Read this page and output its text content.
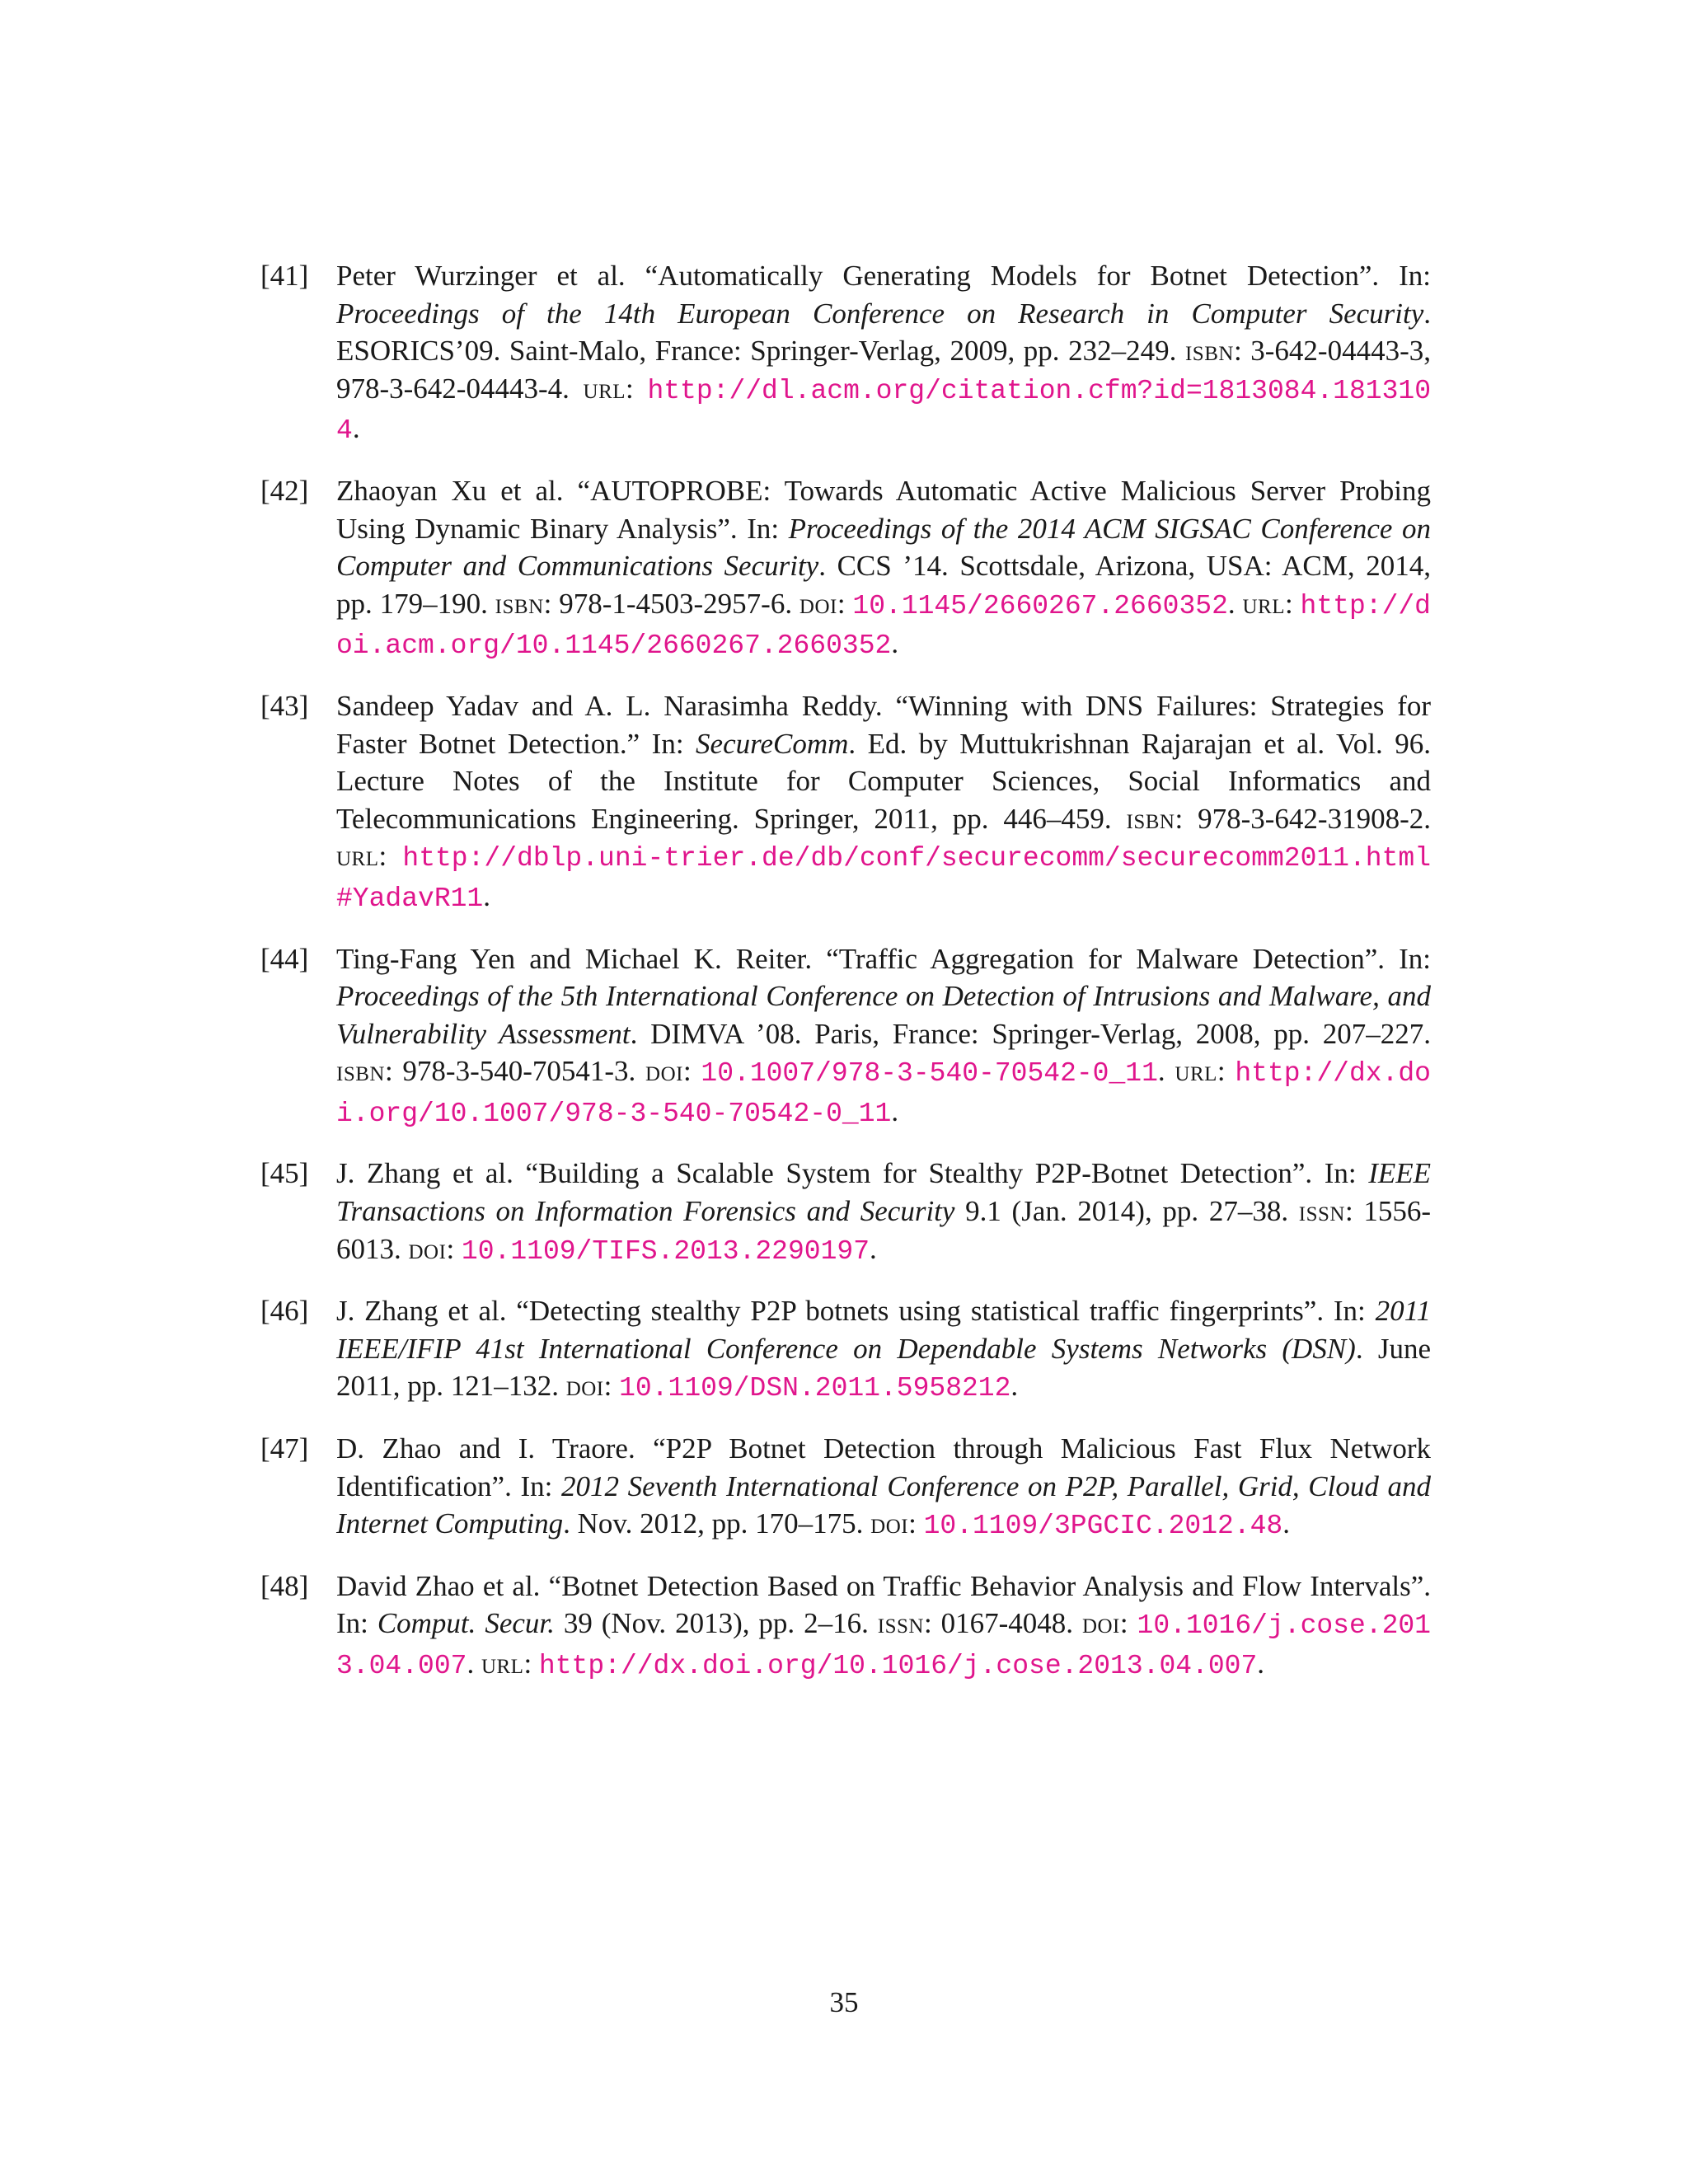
[41] Peter Wurzinger et al. “Automatically Generating Models for Botnet Detection”. In: Proceedings of the 14th European Conference on Research in Computer Security. ESORICS’09. Saint-Malo, France: Springer-Verlag, 2009, pp. 232–249. isbn: 3-642-04443-3, 978-3-642-04443-4. url: http://dl.acm.org/citation.cfm?id=1813084.1813104.
[42] Zhaoyan Xu et al. “AUTOPROBE: Towards Automatic Active Malicious Server Probing Using Dynamic Binary Analysis”. In: Proceedings of the 2014 ACM SIGSAC Conference on Computer and Communications Security. CCS ’14. Scottsdale, Arizona, USA: ACM, 2014, pp. 179–190. isbn: 978-1-4503-2957-6. doi: 10.1145/2660267.2660352. url: http://doi.acm.org/10.1145/2660267.2660352.
[43] Sandeep Yadav and A. L. Narasimha Reddy. “Winning with DNS Failures: Strategies for Faster Botnet Detection.” In: SecureComm. Ed. by Muttukrishnan Rajarajan et al. Vol. 96. Lecture Notes of the Institute for Computer Sciences, Social Informatics and Telecommunications Engineering. Springer, 2011, pp. 446–459. isbn: 978-3-642-31908-2. url: http://dblp.uni-trier.de/db/conf/securecomm/securecomm2011.html#YadavR11.
[44] Ting-Fang Yen and Michael K. Reiter. “Traffic Aggregation for Malware Detection”. In: Proceedings of the 5th International Conference on Detection of Intrusions and Malware, and Vulnerability Assessment. DIMVA ’08. Paris, France: Springer-Verlag, 2008, pp. 207–227. isbn: 978-3-540-70541-3. doi: 10.1007/978-3-540-70542-0_11. url: http://dx.doi.org/10.1007/978-3-540-70542-0_11.
[45] J. Zhang et al. “Building a Scalable System for Stealthy P2P-Botnet Detection”. In: IEEE Transactions on Information Forensics and Security 9.1 (Jan. 2014), pp. 27–38. issn: 1556-6013. doi: 10.1109/TIFS.2013.2290197.
[46] J. Zhang et al. “Detecting stealthy P2P botnets using statistical traffic fingerprints”. In: 2011 IEEE/IFIP 41st International Conference on Dependable Systems Networks (DSN). June 2011, pp. 121–132. doi: 10.1109/DSN.2011.5958212.
[47] D. Zhao and I. Traore. “P2P Botnet Detection through Malicious Fast Flux Network Identification”. In: 2012 Seventh International Conference on P2P, Parallel, Grid, Cloud and Internet Computing. Nov. 2012, pp. 170–175. doi: 10.1109/3PGCIC.2012.48.
[48] David Zhao et al. “Botnet Detection Based on Traffic Behavior Analysis and Flow Intervals”. In: Comput. Secur. 39 (Nov. 2013), pp. 2–16. issn: 0167-4048. doi: 10.1016/j.cose.2013.04.007. url: http://dx.doi.org/10.1016/j.cose.2013.04.007.
35
